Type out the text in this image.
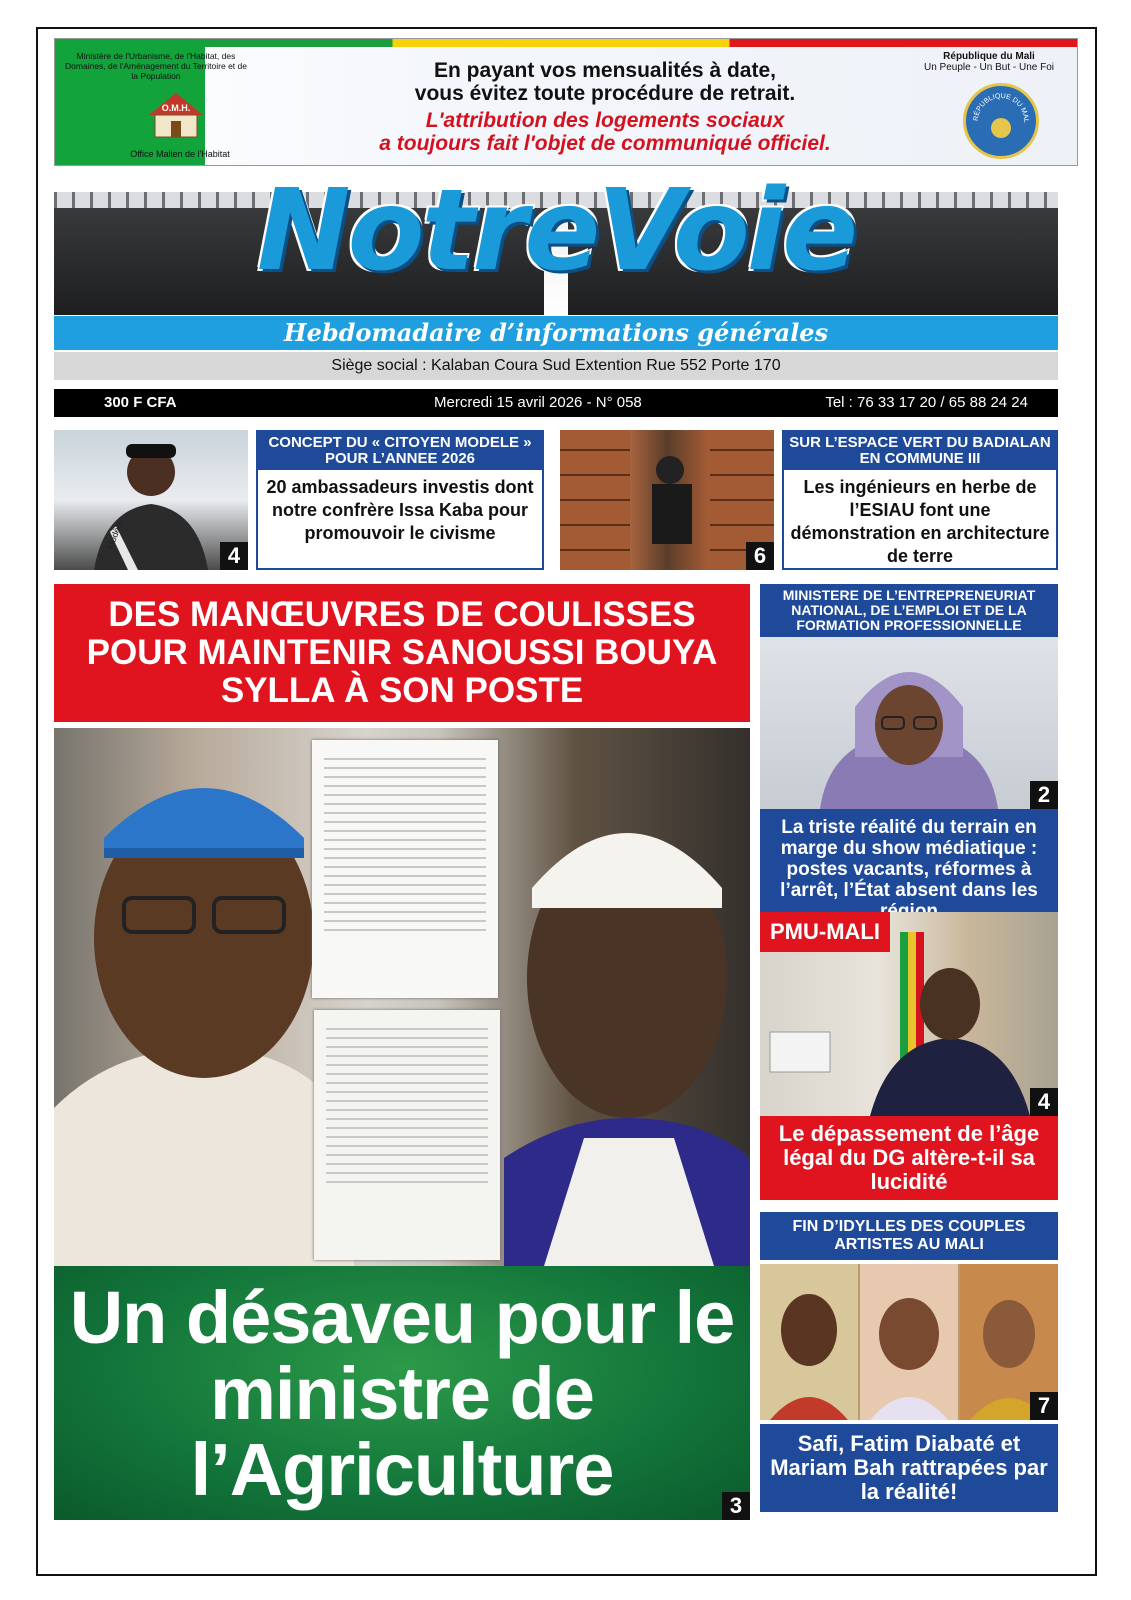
Ministère de l'Urbanisme, de l'Habitat, des Domaines, de l'Aménagement du Territoire et de la Population
O.M.H.
Office Malien de l'Habitat
En payant vos mensualités à date,
vous évitez toute procédure de retrait.
L'attribution des logements sociaux
a toujours fait l'objet de communiqué officiel.
République du Mali
Un Peuple - Un But - Une Foi
RÉPUBLIQUE DU MAL
NotreVoie
Hebdomadaire d’informations générales
Siège social : Kalaban Coura Sud Extention Rue 552 Porte 170
300 F CFA	Mercredi 15 avril 2026 - N° 058	Tel : 76 33 17 20 / 65 88 24 24
Modèle
4
CONCEPT DU « CITOYEN MODELE » POUR L’ANNEE 2026
20 ambassadeurs investis dont notre confrère Issa Kaba pour promouvoir le civisme
6
SUR L’ESPACE VERT DU BADIALAN EN COMMUNE III
Les ingénieurs en herbe de l’ESIAU font une démonstration en architecture de terre
DES MANŒUVRES DE COULISSES POUR MAINTENIR SANOUSSI BOUYA SYLLA À SON POSTE
Un désaveu pour le ministre de l’Agriculture	3
MINISTERE DE L’ENTREPRENEURIAT NATIONAL, DE L’EMPLOI ET DE LA FORMATION PROFESSIONNELLE
2
La triste réalité du terrain en marge du show médiatique : postes vacants, réformes à l’arrêt, l’État absent dans les
PMU-MALI
4
Le dépassement de l’âge légal du DG altère-t-il sa lucidité
FIN D’IDYLLES DES COUPLES ARTISTES AU MALI
7
Safi, Fatim Diabaté et Mariam Bah rattrapées par la réalité!
